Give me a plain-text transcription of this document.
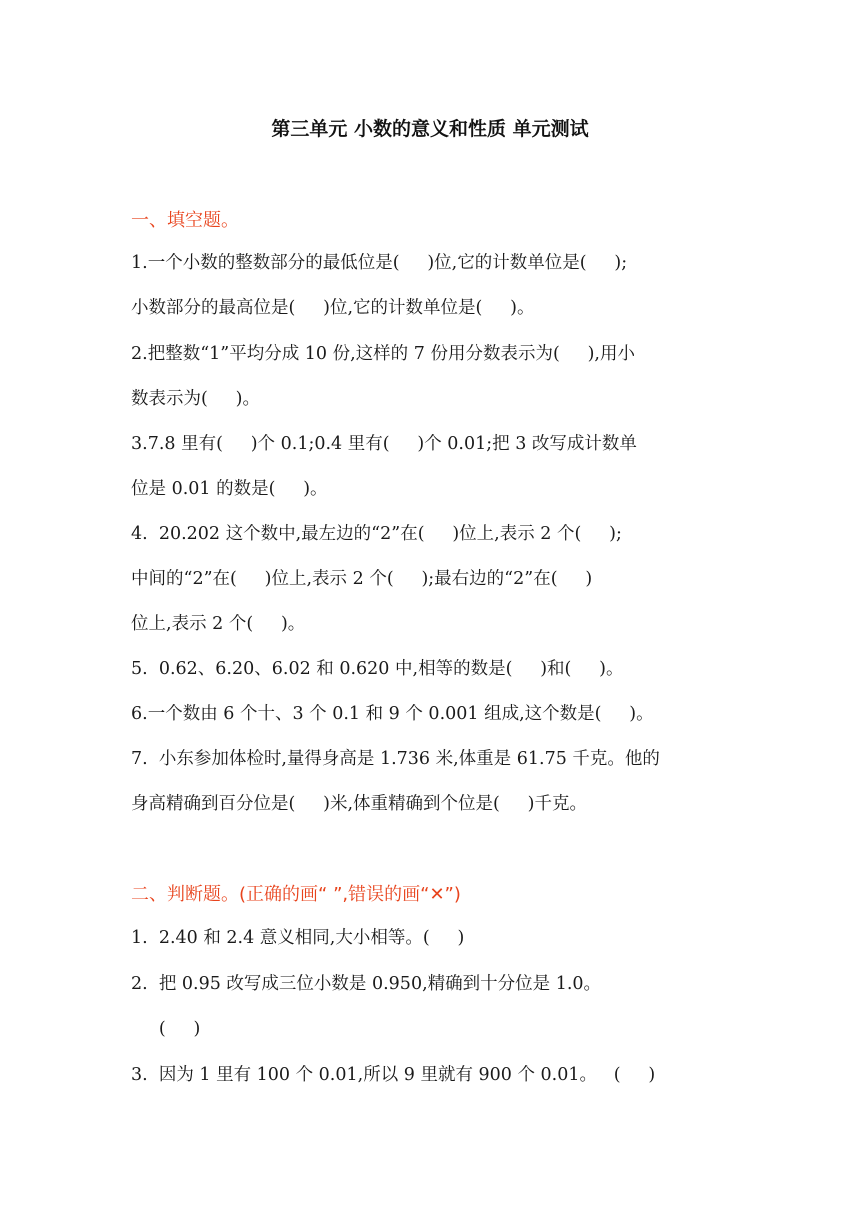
第三单元 小数的意义和性质 单元测试
一、填空题。
1.一个小数的整数部分的最低位是(     )位,它的计数单位是(     );
小数部分的最高位是(     )位,它的计数单位是(     )。
2.把整数“1”平均分成 10 份,这样的 7 份用分数表示为(     ),用小
数表示为(     )。
3.7.8 里有(     )个 0.1;0.4 里有(     )个 0.01;把 3 改写成计数单
位是 0.01 的数是(     )。
4.  20.202 这个数中,最左边的“2”在(     )位上,表示 2 个(     );
中间的“2”在(     )位上,表示 2 个(     );最右边的“2”在(     )
位上,表示 2 个(     )。
5.  0.62、6.20、6.02 和 0.620 中,相等的数是(     )和(     )。
6.一个数由 6 个十、3 个 0.1 和 9 个 0.001 组成,这个数是(     )。
7.  小东参加体检时,量得身高是 1.736 米,体重是 61.75 千克。他的
身高精确到百分位是(     )米,体重精确到个位是(     )千克。
二、判断题。(正确的画“ ”,错误的画“✕”)
1.  2.40 和 2.4 意义相同,大小相等。(     )
2.  把 0.95 改写成三位小数是 0.950,精确到十分位是 1.0。
(     )
3.  因为 1 里有 100 个 0.01,所以 9 里就有 900 个 0.01。   (     )
